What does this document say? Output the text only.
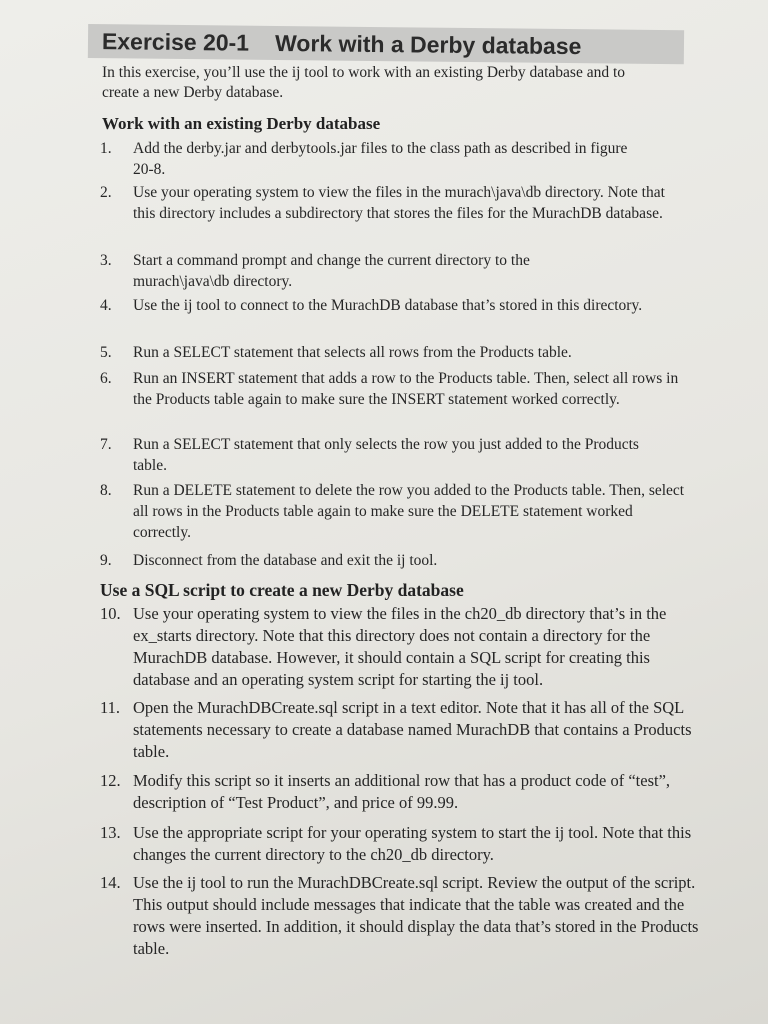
Exercise 20-1 Work with a Derby database
In this exercise, you’ll use the ij tool to work with an existing Derby database and to create a new Derby database.
Work with an existing Derby database
1.	Add the derby.jar and derbytools.jar files to the class path as described in figure 20-8.
2.	Use your operating system to view the files in the murach\java\db directory. Note that this directory includes a subdirectory that stores the files for the MurachDB database.
3.	Start a command prompt and change the current directory to the murach\java\db directory.
4.	Use the ij tool to connect to the MurachDB database that’s stored in this directory.
5.	Run a SELECT statement that selects all rows from the Products table.
6.	Run an INSERT statement that adds a row to the Products table. Then, select all rows in the Products table again to make sure the INSERT statement worked correctly.
7.	Run a SELECT statement that only selects the row you just added to the Products table.
8.	Run a DELETE statement to delete the row you added to the Products table. Then, select all rows in the Products table again to make sure the DELETE statement worked correctly.
9.	Disconnect from the database and exit the ij tool.
Use a SQL script to create a new Derby database
10. Use your operating system to view the files in the ch20_db directory that’s in the ex_starts directory. Note that this directory does not contain a directory for the MurachDB database. However, it should contain a SQL script for creating this database and an operating system script for starting the ij tool.
11. Open the MurachDBCreate.sql script in a text editor. Note that it has all of the SQL statements necessary to create a database named MurachDB that contains a Products table.
12. Modify this script so it inserts an additional row that has a product code of “test”, description of “Test Product”, and price of 99.99.
13. Use the appropriate script for your operating system to start the ij tool. Note that this changes the current directory to the ch20_db directory.
14. Use the ij tool to run the MurachDBCreate.sql script. Review the output of the script. This output should include messages that indicate that the table was created and the rows were inserted. In addition, it should display the data that’s stored in the Products table.
